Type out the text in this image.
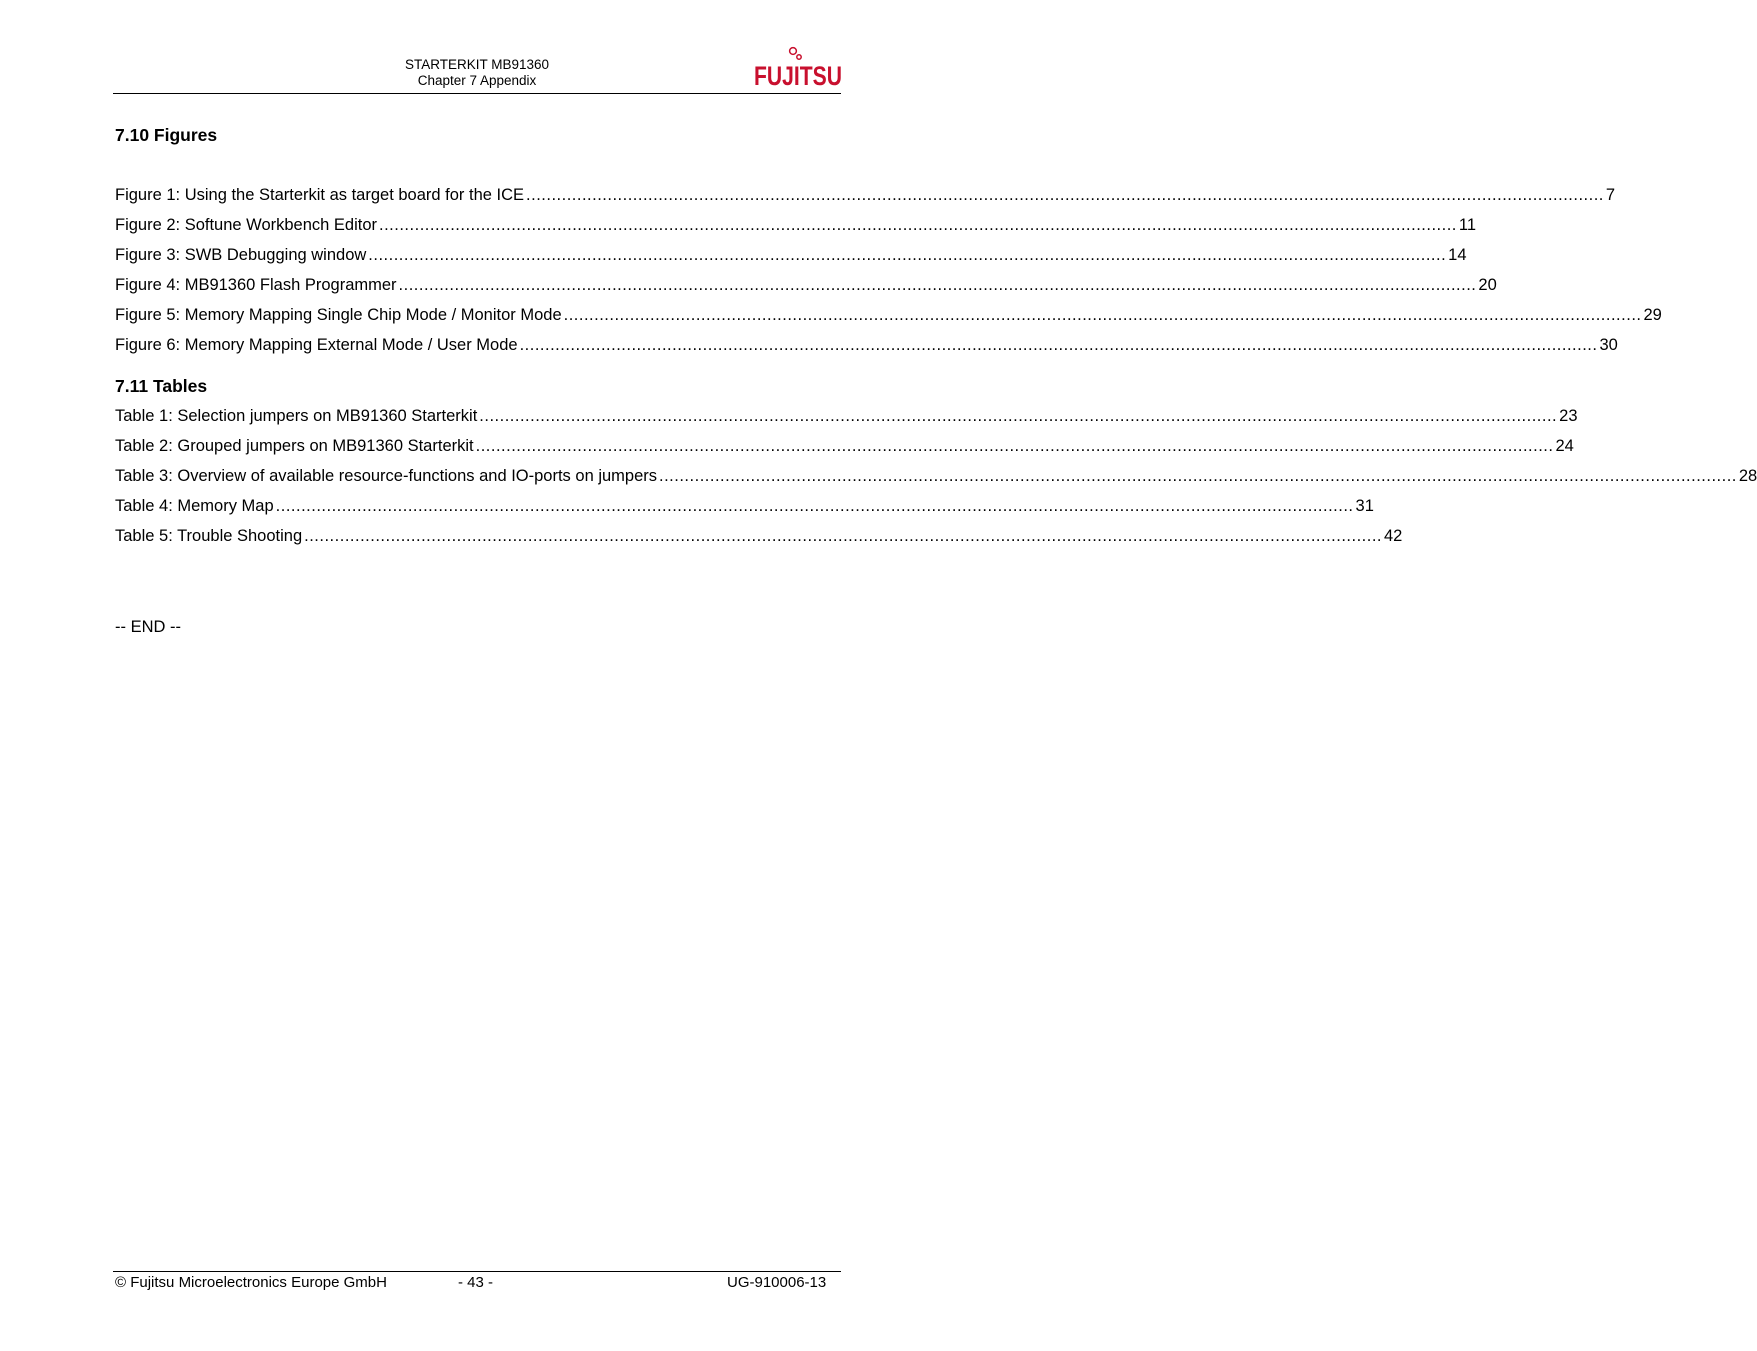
STARTERKIT MB91360
Chapter 7 Appendix	FUJITSU
7.10 Figures
Figure 1: Using the Starterkit as target board for the ICE .....	7
Figure 2: Softune Workbench Editor .....	11
Figure 3: SWB Debugging window .....	14
Figure 4: MB91360 Flash Programmer .....	20
Figure 5: Memory Mapping Single Chip Mode / Monitor Mode .....	29
Figure 6: Memory Mapping External Mode / User Mode .....	30
7.11 Tables
Table 1: Selection jumpers on MB91360 Starterkit .....	23
Table 2: Grouped jumpers on MB91360 Starterkit .....	24
Table 3: Overview of available resource-functions and IO-ports on jumpers .....	28
Table 4: Memory Map .....	31
Table 5: Trouble Shooting .....	42
-- END --
© Fujitsu Microelectronics Europe GmbH	- 43 -	UG-910006-13
